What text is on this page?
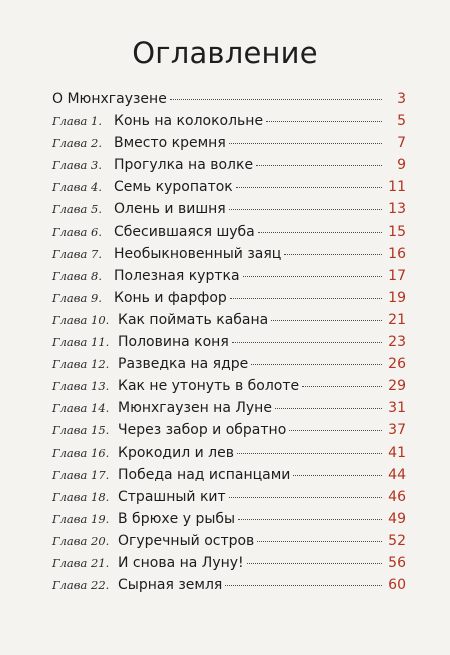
Оглавление
О Мюнхгаузене	3
Глава 1. Конь на колокольне	5
Глава 2. Вместо кремня	7
Глава 3. Прогулка на волке	9
Глава 4. Семь куропаток	11
Глава 5. Олень и вишня	13
Глава 6. Сбесившаяся шуба	15
Глава 7. Необыкновенный заяц	16
Глава 8. Полезная куртка	17
Глава 9. Конь и фарфор	19
Глава 10. Как поймать кабана	21
Глава 11. Половина коня	23
Глава 12. Разведка на ядре	26
Глава 13. Как не утонуть в болоте	29
Глава 14. Мюнхгаузен на Луне	31
Глава 15. Через забор и обратно	37
Глава 16. Крокодил и лев	41
Глава 17. Победа над испанцами	44
Глава 18. Страшный кит	46
Глава 19. В брюхе у рыбы	49
Глава 20. Огуречный остров	52
Глава 21. И снова на Луну!	56
Глава 22. Сырная земля	60
